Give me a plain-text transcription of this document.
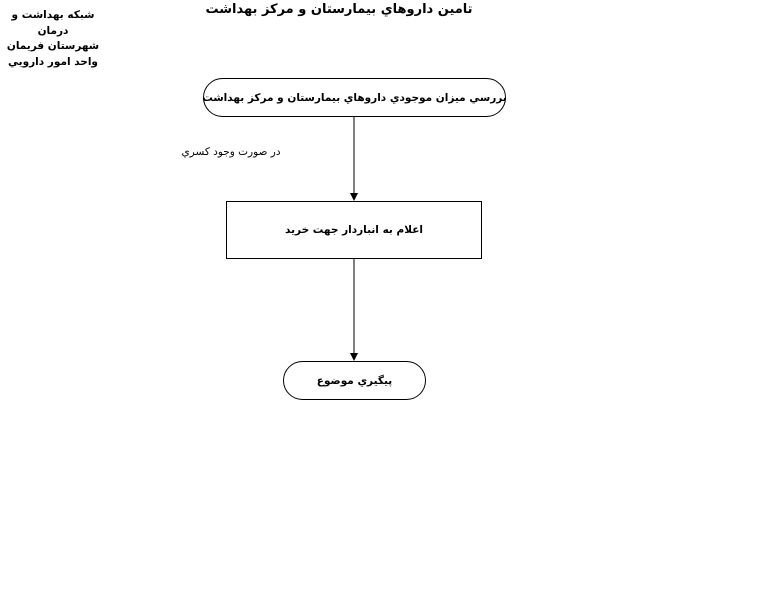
شبکه بهداشت و درمان
شهرستان فريمان
واحد امور دارويي
تامين داروهاي بيمارستان و مرکز بهداشت
بررسي ميزان موجودي داروهاي بيمارستان و مرکز بهداشت
در صورت وجود کسري
اعلام به انباردار جهت خريد
پيگيري موضوع
